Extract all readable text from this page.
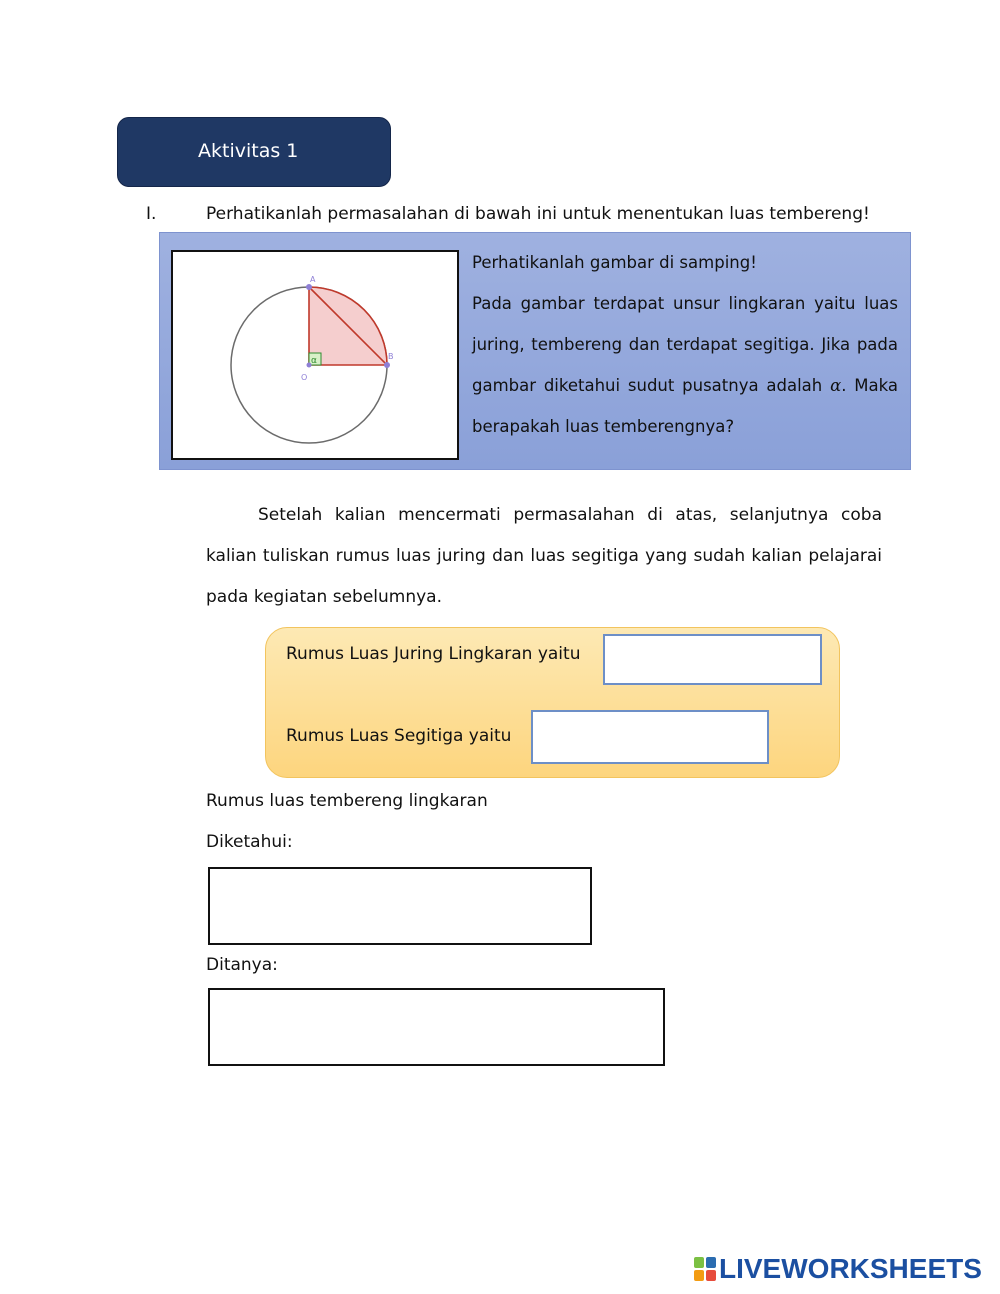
Aktivitas 1
I.	Perhatikanlah permasalahan di bawah ini untuk menentukan luas tembereng!
α
A
B
O

Perhatikanlah gambar di samping!

Pada gambar terdapat unsur lingkaran yaitu luas juring, tembereng dan terdapat segitiga. Jika pada gambar diketahui sudut pusatnya adalah α. Maka berapakah luas temberengnya?

Setelah kalian mencermati permasalahan di atas, selanjutnya coba kalian tuliskan rumus luas juring dan luas segitiga yang sudah kalian pelajarai pada kegiatan sebelumnya.
Rumus Luas Juring Lingkaran yaitu
Rumus Luas Segitiga yaitu
Rumus luas tembereng lingkaran
Diketahui:
Ditanya:
LIVEWORKSHEETS
